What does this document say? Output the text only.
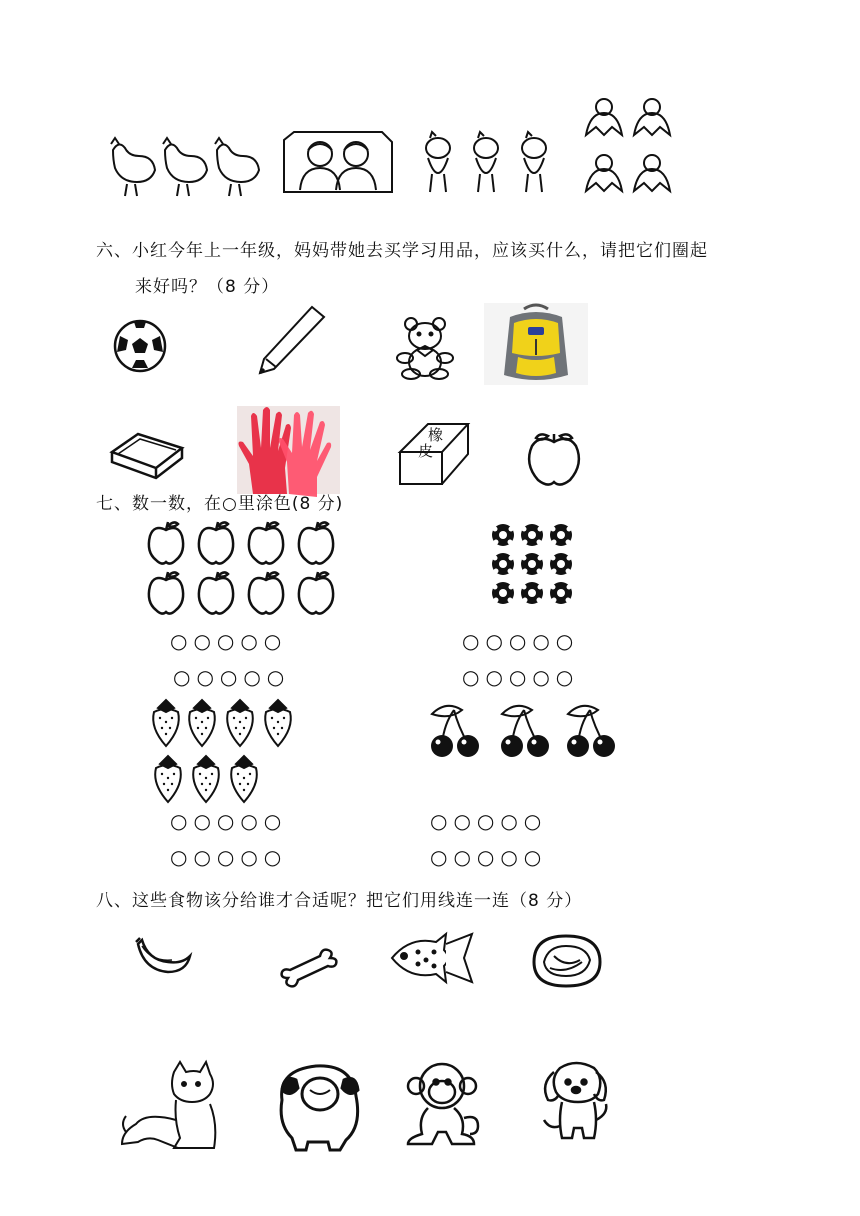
六、小红今年上一年级，妈妈带她去买学习用品，应该买什么，请把它们圈起
来好吗？（8 分）
橡
皮
七、数一数，在○里涂色(8 分)
○○○○○
○○○○○
○○○○○
○○○○○
○○○○○
○○○○○
○○○○○
○○○○○
八、这些食物该分给谁才合适呢？把它们用线连一连（8 分）
